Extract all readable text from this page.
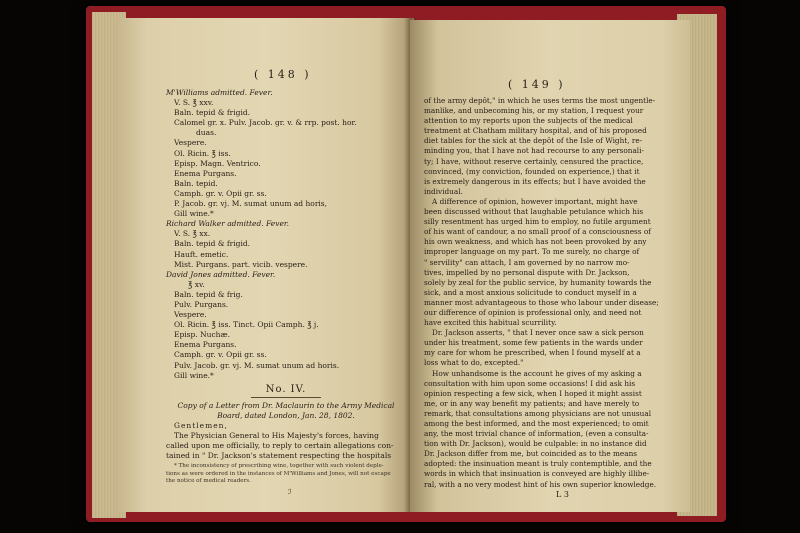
( 148 )
M'Williams admitted. Fever.
V. S. ℥ xxv.
Baln. tepid & frigid.
Calomel gr. x. Pulv. Jacob. gr. v. & rrp. post. hor.
duas.
Vespere.
Ol. Ricin. ℥ iss.
Episp. Magn. Ventrico.
Enema Purgans.
Baln. tepid.
Camph. gr. v. Opii gr. ss.
P. Jacob. gr. vj. M. sumat unum ad horis,
Gill wine.*
Richard Walker admitted. Fever.
V. S. ℥ xx.
Baln. tepid & frigid.
Hauft. emetic.
Mist. Purgans. part. vicib. vespere.
David Jones admitted. Fever.
℥ xv.
Baln. tepid & frig.
Pulv. Purgans.
Vespere.
Ol. Ricin. ℥ iss. Tinct. Opii Camph. ℥ j.
Episp. Nuchæ.
Enema Purgans.
Camph. gr. v. Opii gr. ss.
Pulv. Jacob. gr. vj. M. sumat unum ad horis.
Gill wine.*
No. IV.
Copy of a Letter from Dr. Maclaurin to the Army Medical
Board, dated London, Jan. 28, 1802.
Gentlemen,
The Physician General to His Majesty's forces, having
called upon me officially, to reply to certain allegations con-
tained in " Dr. Jackson's statement respecting the hospitals
* The inconsistency of prescribing wine, together with such violent deple-
tions as were ordered in the instances of M'Williams and Jones, will not escape
the notice of medical readers.
ℐ
( 149 )
of the army depôt," in which he uses terms the most ungentle-
manlike, and unbecoming his, or my station, I request your
attention to my reports upon the subjects of the medical
treatment at Chatham military hospital, and of his proposed
diet tables for the sick at the depôt of the Isle of Wight, re-
minding you, that I have not had recourse to any personali-
ty; I have, without reserve certainly, censured the practice,
convinced, (my conviction, founded on experience,) that it
is extremely dangerous in its effects; but I have avoided the
individual.
A difference of opinion, however important, might have
been discussed without that laughable petulance which his
silly resentment has urged him to employ, no futile argument
of his want of candour, a no small proof of a consciousness of
his own weakness, and which has not been provoked by any
improper language on my part. To me surely, no charge of
" servility" can attach, I am governed by no narrow mo-
tives, impelled by no personal dispute with Dr. Jackson,
solely by zeal for the public service, by humanity towards the
sick, and a most anxious solicitude to conduct myself in a
manner most advantageous to those who labour under disease;
our difference of opinion is professional only, and need not
have excited this habitual scurrility.
Dr. Jackson asserts, " that I never once saw a sick person
under his treatment, some few patients in the wards under
my care for whom he prescribed, when I found myself at a
loss what to do, excepted."
How unhandsome is the account he gives of my asking a
consultation with him upon some occasions! I did ask his
opinion respecting a few sick, when I hoped it might assist
me, or in any way benefit my patients; and have merely to
remark, that consultations among physicians are not unusual
among the best informed, and the most experienced; to omit
any, the most trivial chance of information, (even a consulta-
tion with Dr. Jackson), would be culpable: in no instance did
Dr. Jackson differ from me, but coincided as to the means
adopted: the insinuation meant is truly contemptible, and the
words in which that insinuation is conveyed are highly illibe-
ral, with a no very modest hint of his own superior knowledge.
L 3
